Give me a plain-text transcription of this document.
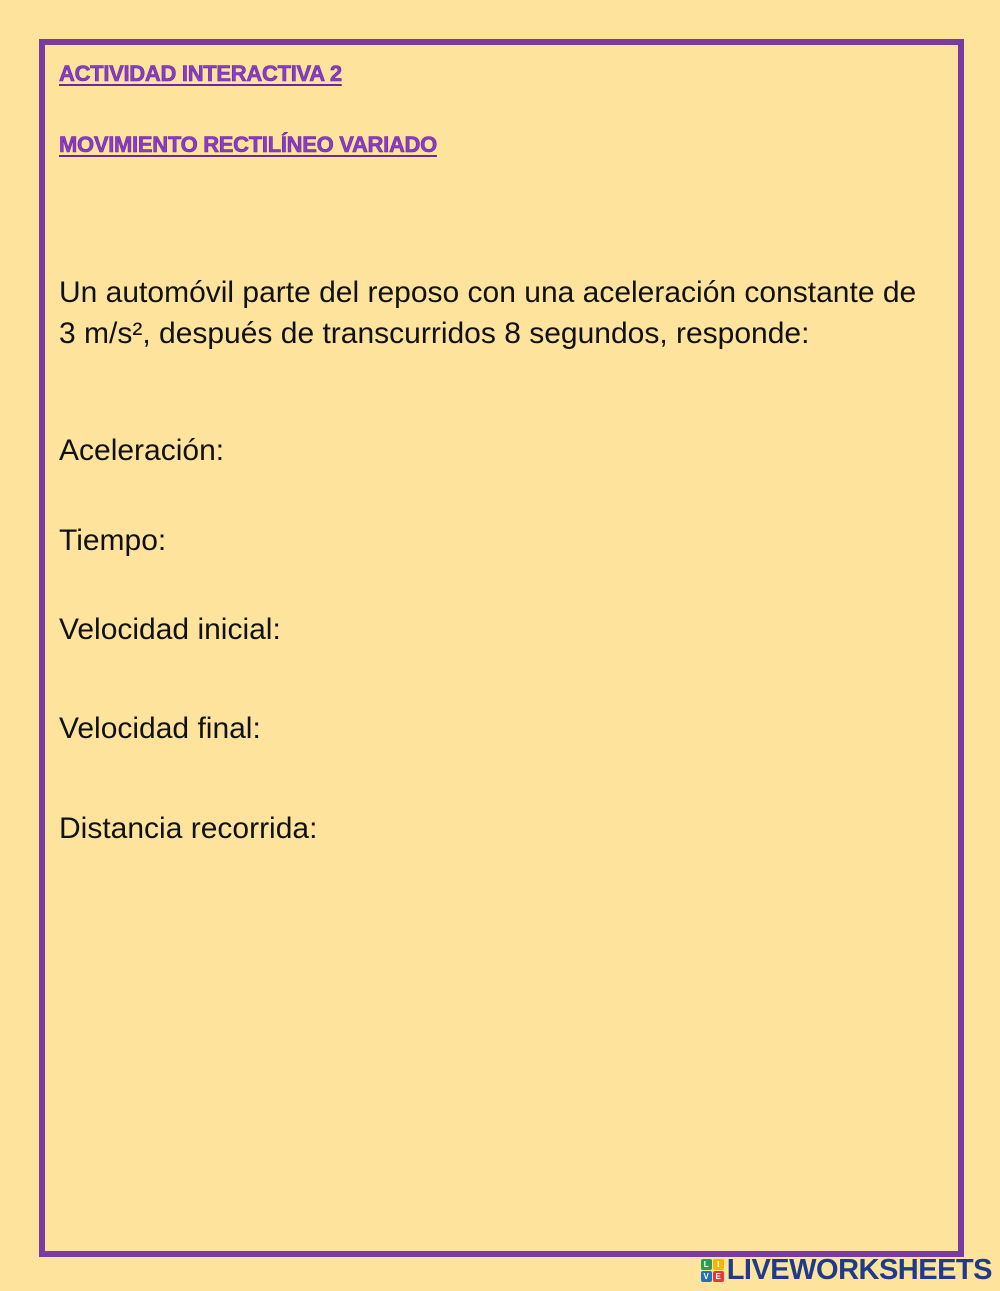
ACTIVIDAD INTERACTIVA 2
MOVIMIENTO RECTILÍNEO VARIADO
Un automóvil parte del reposo con una aceleración constante de 3 m/s², después de transcurridos 8 segundos, responde:
Aceleración:
Tiempo:
Velocidad inicial:
Velocidad final:
Distancia recorrida:
L	I
V E LIVEWORKSHEETS
